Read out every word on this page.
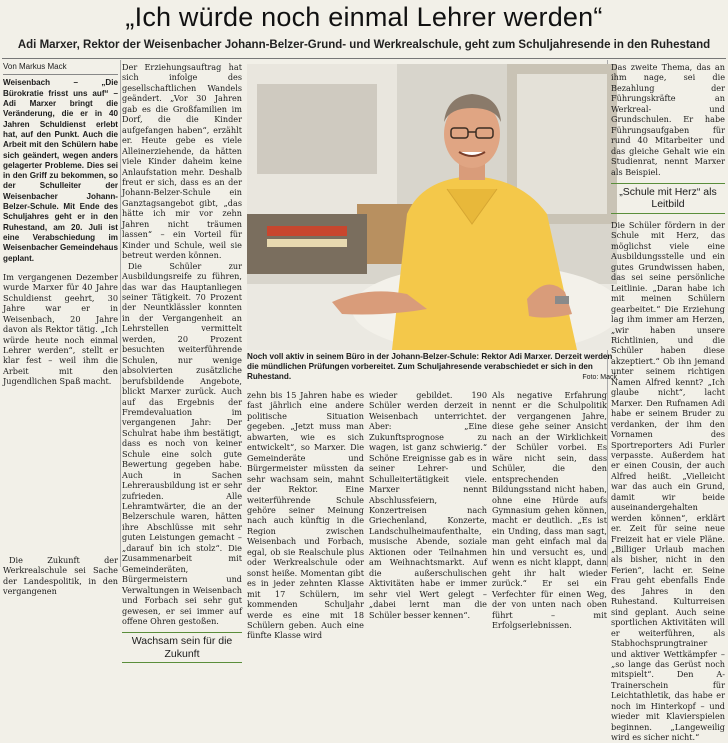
„Ich würde noch einmal Lehrer werden“
Adi Marxer, Rektor der Weisenbacher Johann-Belzer-Grund- und Werkrealschule, geht zum Schuljahresende in den Ruhestand
Von Markus Mack
Weisenbach – „Die Bürokratie frisst uns auf“ – Adi Marxer bringt die Veränderung, die er in 40 Jahren Schuldienst erlebt hat, auf den Punkt. Auch die Arbeit mit den Schülern habe sich geändert, wegen anders gelagerter Probleme. Dies sei in den Griff zu bekommen, so der Schulleiter der Weisenbacher Johann-Belzer-Schule. Mit Ende des Schuljahres geht er in den Ruhestand, am 20. Juli ist eine Verabschiedung im Weisenbacher Gemeindehaus geplant.

Im vergangenen Dezember wurde Marxer für 40 Jahre Schuldienst geehrt, 30 Jahre war er in Weisenbach, 20 Jahre davon als Rektor tätig. „Ich würde heute noch einmal Lehrer werden“, stellt er klar fest – weil ihm die Arbeit mit den Jugendlichen Spaß macht.

Die Zukunft der Werkrealschule sei Sache der Landespolitik, in den vergangenen

Der Erziehungsauftrag hat sich infolge des gesellschaftlichen Wandels geändert. „Vor 30 Jahren gab es die Großfamilien im Dorf, die die Kinder aufgefangen haben“, erzählt er. Heute gebe es viele Alleinerziehende, da hätten viele Kinder daheim keine Anlaufstation mehr. Deshalb freut er sich, dass es an der Johann-Belzer-Schule ein Ganztagsangebot gibt, „das hätte ich mir vor zehn Jahren nicht träumen lassen“ – ein Vorteil für Kinder und Schule, weil sie betreut werden können.

Die Schüler zur Ausbildungsreife zu führen, das war das Hauptanliegen seiner Tätigkeit. 70 Prozent der Neuntklässler konnten in der Vergangenheit an Lehrstellen vermittelt werden, 20 Prozent besuchten weiterführende Schulen, nur wenige absolvierten zusätzliche berufsbildende Angebote, blickt Marxer zurück. Auch auf das Ergebnis der Fremdevaluation im vergangenen Jahr: Der Schulrat habe ihm bestätigt, dass es noch von keiner Schule eine solch gute Bewertung gegeben habe. Auch in Sachen Lehrerausbildung ist er sehr zufrieden. Alle Lehramtwärter, die an der Belzerschule waren, hätten ihre Abschlüsse mit sehr guten Leistungen gemacht – „darauf bin ich stolz“. Die Zusammenarbeit mit Gemeinderäten, Bürgermeistern und Verwaltungen in Weisenbach und Forbach sei sehr gut gewesen, er sei immer auf offene Ohren gestoßen.

Wachsam sein für die Zukunft
Noch voll aktiv in seinem Büro in der Johann-Belzer-Schule: Rektor Adi Marxer. Derzeit werden die mündlichen Prüfungen vorbereitet. Zum Schuljahresende verabschiedet er sich in den Ruhestand.	Foto: Mack

zehn bis 15 Jahren habe es fast jährlich eine andere politische Situation gegeben. „Jetzt muss man abwarten, wie es sich entwickelt“, so Marxer. Die Gemeinderäte und Bürgermeister müssten da sehr wachsam sein, mahnt der Rektor. Eine weiterführende Schule gehöre seiner Meinung nach auch künftig in die Region zwischen Weisenbach und Forbach, egal, ob sie Realschule plus oder Werkrealschule oder sonst heiße. Momentan gibt es in jeder zehnten Klasse mit 17 Schülern, im kommenden Schuljahr werde es eine mit 18 Schülern geben. Auch eine fünfte Klasse wird

wieder gebildet. 190 Schüler werden derzeit in Weisenbach unterrichtet. Aber: „Eine Zukunftsprognose zu wagen, ist ganz schwierig.“ Schöne Ereignisse gab es in seiner Lehrer- und Schulleitertätigkeit viele. Marxer nennt Abschlussfeiern, Konzertreisen nach Griechenland, Konzerte, Landschulheimaufenthalte, musische Abende, soziale Aktionen oder Teilnahmen am Weihnachtsmarkt. Auf die außerschulischen Aktivitäten habe er immer sehr viel Wert gelegt – „dabei lernt man die Schüler besser kennen“.

Als negative Erfahrung nennt er die Schulpolitik der vergangenen Jahre, diese gehe seiner Ansicht nach an der Wirklichkeit der Schüler vorbei. Es wäre nicht sein, dass Schüler, die den entsprechenden Bildungsstand nicht haben, ohne eine Hürde aufs Gymnasium gehen können, macht er deutlich. „Es ist ein Unding, dass man sagt, man geht einfach mal da hin und versucht es, und wenn es nicht klappt, dann geht ihr halt wieder zurück.“ Er sei ein Verfechter für einen Weg, der von unten nach oben führt – mit Erfolgserlebnissen.

Das zweite Thema, das an ihm nage, sei die Bezahlung der Führungskräfte an Werkreal- und Grundschulen. Er habe Führungsaufgaben für rund 40 Mitarbeiter und das gleiche Gehalt wie ein Studienrat, nennt Marxer als Beispiel.

„Schule mit Herz“ als Leitbild

Die Schüler fördern in der Schule mit Herz, das möglichst viele eine Ausbildungsstelle und ein gutes Grundwissen haben, das sei seine persönliche Leitlinie. „Daran habe ich mit meinen Schülern gearbeitet.“ Die Erziehung lag ihm immer am Herzen, „wir haben unsere Richtlinien, und die Schüler haben diese akzeptiert.“ Ob ihn jemand unter seinem richtigen Namen Alfred kennt? „Ich glaube nicht“, lacht Marxer. Den Rufnamen Adi habe er seinem Bruder zu verdanken, der ihm den Vornamen des Sportreporters Adi Furler verpasste. Außerdem hat er einen Cousin, der auch Alfred heißt. „Vielleicht war das auch ein Grund, damit wir beide auseinandergehalten werden können“, erklärt er. Zeit für seine neue Freizeit hat er viele Pläne. „Billiger Urlaub machen als bisher, nicht in den Ferien“, lacht er. Seine Frau geht ebenfalls Ende des Jahres in den Ruhestand. Kulturreisen sind geplant. Auch seine sportlichen Aktivitäten will er weiterführen, als Stabhochsprungtrainer und aktiver Wettkämpfer – „so lange das Gerüst noch mitspielt“. Den A-Trainerschein für Leichtathletik, das habe er noch im Hinterkopf – und wieder mit Klavierspielen beginnen. „Langeweilig wird es sicher nicht.“
